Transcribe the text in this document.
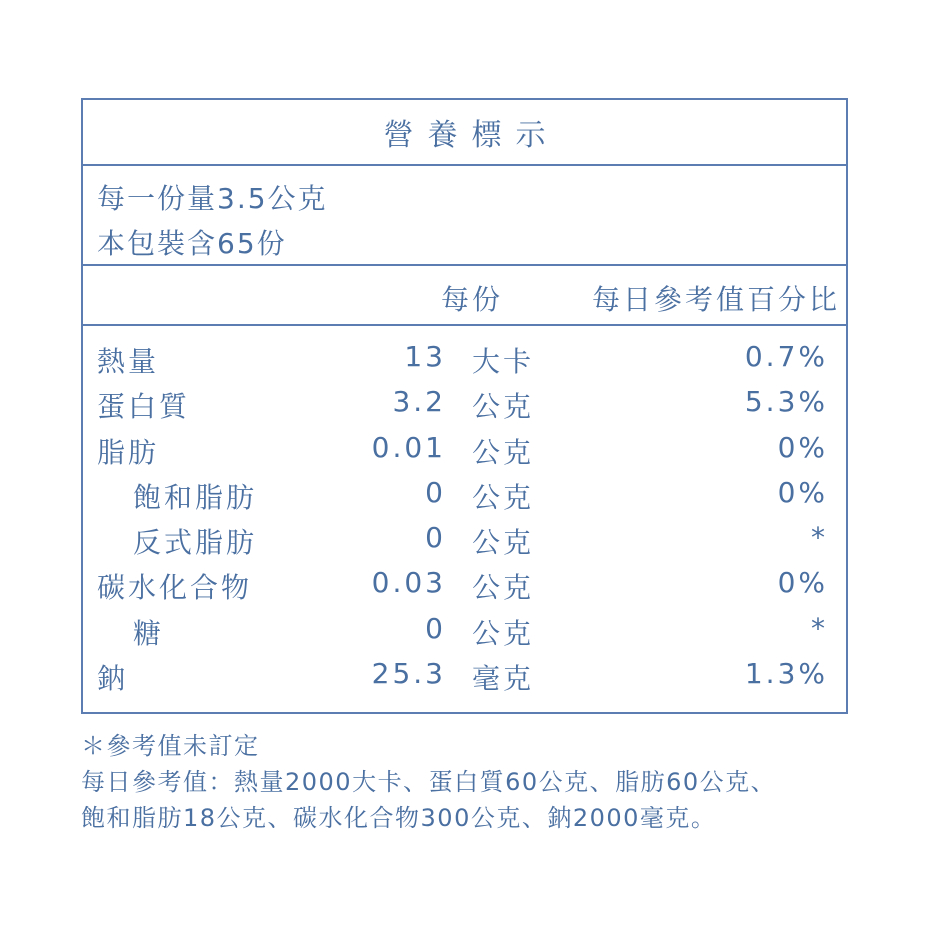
營養標示
每一份量3.5公克
本包裝含65份
每份	每日參考值百分比
熱量	13 大卡	0.7%
蛋白質	3.2 公克	5.3%
脂肪	0.01 公克	0%
飽和脂肪	0 公克	0%
反式脂肪	0 公克	*
碳水化合物	0.03 公克	0%
糖	0 公克	*
鈉	25.3 毫克	1.3%
＊參考值未訂定
每日參考值：熱量2000大卡、蛋白質60公克、脂肪60公克、
飽和脂肪18公克、碳水化合物300公克、鈉2000毫克。
